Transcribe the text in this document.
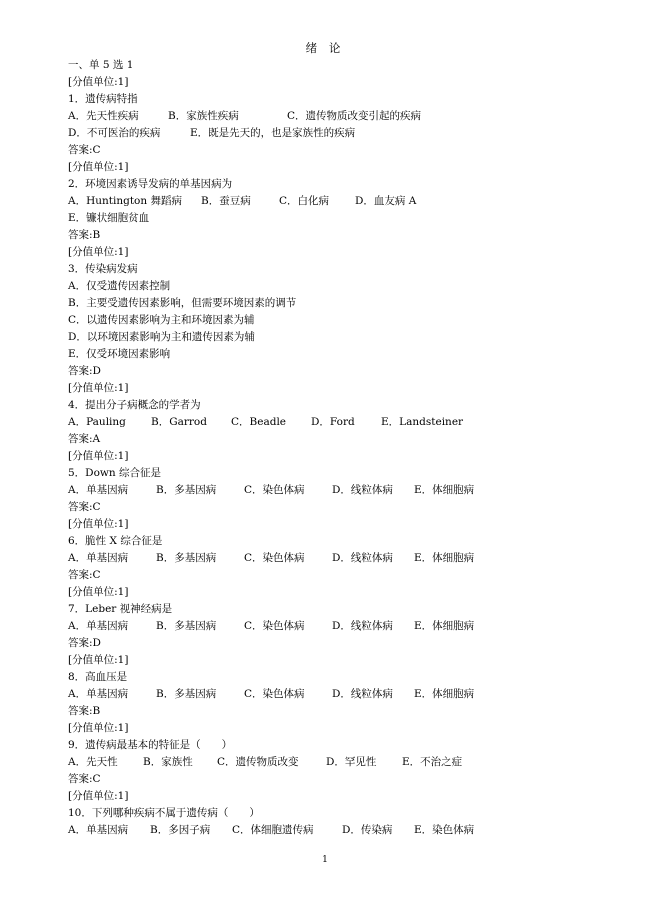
绪 论
一、单 5 选 1
[分值单位:1]
1．遗传病特指
A．先天性疾病	B．家族性疾病	C．遗传物质改变引起的疾病
D．不可医治的疾病	E．既是先天的，也是家族性的疾病
答案:C
[分值单位:1]
2．环境因素诱导发病的单基因病为
A．Huntington 舞蹈病	B．蚕豆病	C．白化病	D．血友病 A
E．镰状细胞贫血
答案:B
[分值单位:1]
3．传染病发病
A．仅受遗传因素控制
B．主要受遗传因素影响，但需要环境因素的调节
C．以遗传因素影响为主和环境因素为辅
D．以环境因素影响为主和遗传因素为辅
E．仅受环境因素影响
答案:D
[分值单位:1]
4．提出分子病概念的学者为
A．Pauling	B．Garrod	C．Beadle	D．Ford	E．Landsteiner
答案:A
[分值单位:1]
5．Down 综合征是
A．单基因病	B．多基因病	C．染色体病	D．线粒体病	E．体细胞病
答案:C
[分值单位:1]
6．脆性 X 综合征是
A．单基因病	B．多基因病	C．染色体病	D．线粒体病	E．体细胞病
答案:C
[分值单位:1]
7．Leber 视神经病是
A．单基因病	B．多基因病	C．染色体病	D．线粒体病	E．体细胞病
答案:D
[分值单位:1]
8．高血压是
A．单基因病	B．多基因病	C．染色体病	D．线粒体病	E．体细胞病
答案:B
[分值单位:1]
9．遗传病最基本的特征是（　　）
A．先天性	B．家族性	C．遗传物质改变	D．罕见性	E．不治之症
答案:C
[分值单位:1]
10．下列哪种疾病不属于遗传病（　　）
A．单基因病	B．多因子病	C．体细胞遗传病	D．传染病	E．染色体病
1
